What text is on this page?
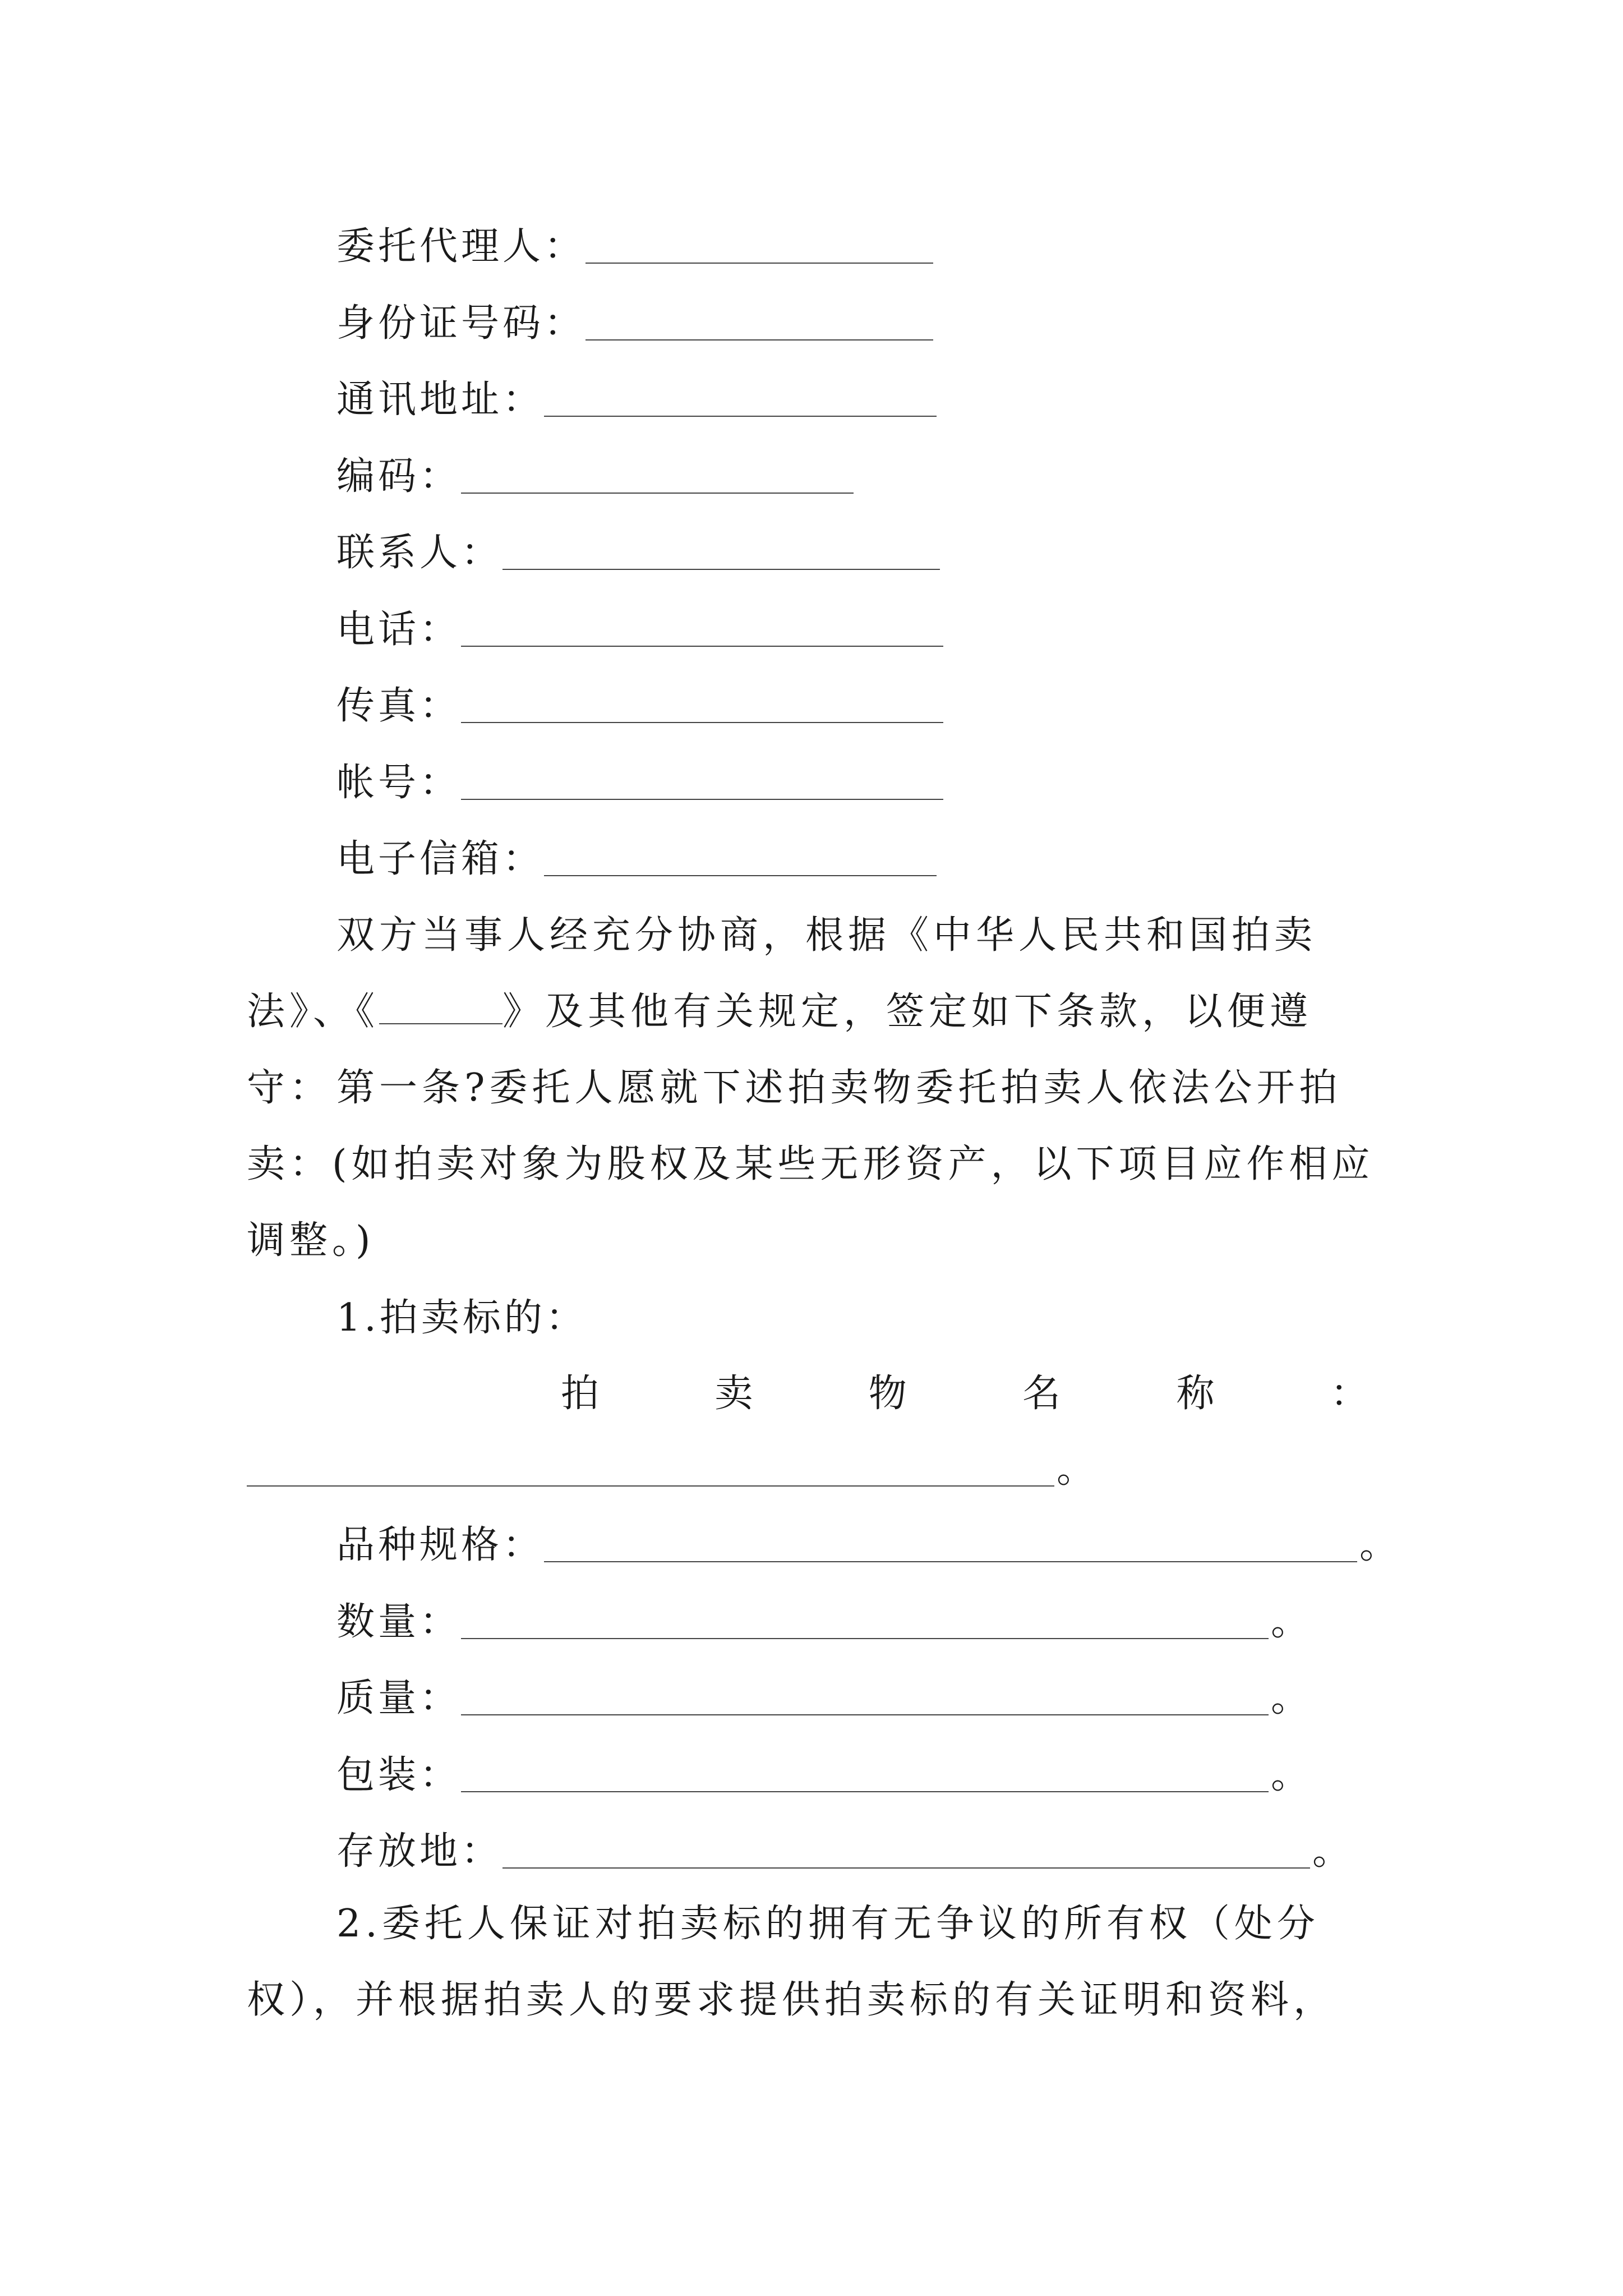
委托代理人：
身份证号码：
通讯地址：
编码：
联系人：
电话：
传真：
帐号：
电子信箱：

双方当事人经充分协商，根据《中华人民共和国拍卖法》、《	》及其他有关规定，签定如下条款，以便遵守： 第一条?委托人愿就下述拍卖物委托拍卖人依法公开拍卖：(如拍卖对象为股权及某些无形资产，以下项目应作相应调整。)

1.拍卖标的：
拍	卖	物	名	称	：
。
品种规格：	。
数量：	。
质量：	。
包装：	。
存放地：	。

2.委托人保证对拍卖标的拥有无争议的所有权（处分权），并根据拍卖人的要求提供拍卖标的有关证明和资料，
